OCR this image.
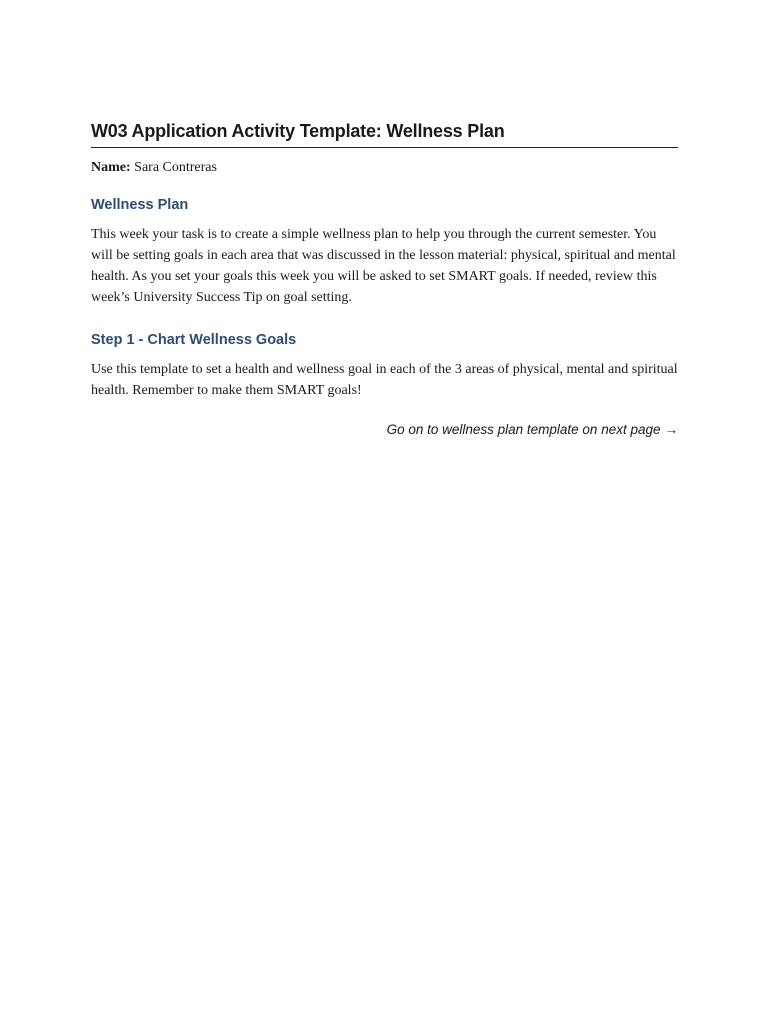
W03 Application Activity Template: Wellness Plan
Name: Sara Contreras
Wellness Plan

This week your task is to create a simple wellness plan to help you through the current semester. You will be setting goals in each area that was discussed in the lesson material: physical, spiritual and mental health. As you set your goals this week you will be asked to set SMART goals. If needed, review this week’s University Success Tip on goal setting.

Step 1 - Chart Wellness Goals

Use this template to set a health and wellness goal in each of the 3 areas of physical, mental and spiritual health. Remember to make them SMART goals!

Go on to wellness plan template on next page →
